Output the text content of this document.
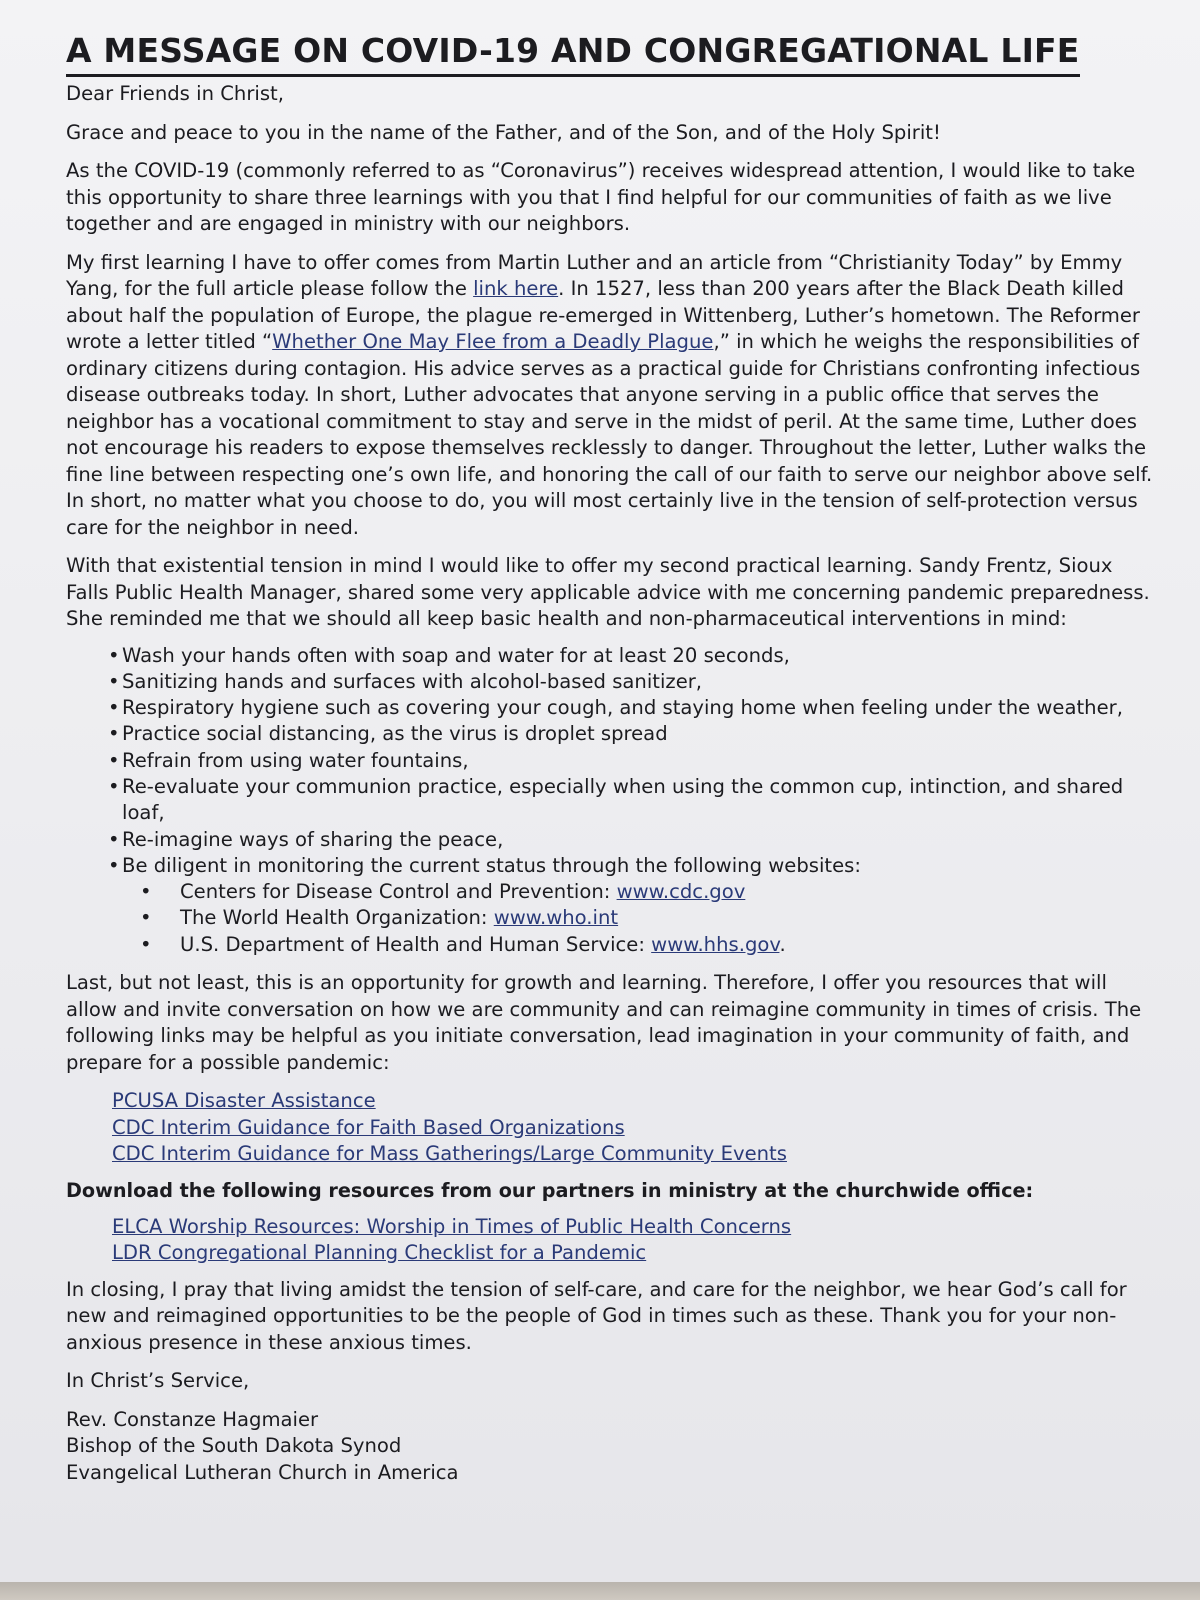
A MESSAGE ON COVID-19 AND CONGREGATIONAL LIFE

Dear Friends in Christ,

Grace and peace to you in the name of the Father, and of the Son, and of the Holy Spirit!

As the COVID-19 (commonly referred to as “Coronavirus”) receives widespread attention, I would like to take this opportunity to share three learnings with you that I find helpful for our communities of faith as we live together and are engaged in ministry with our neighbors.

My first learning I have to offer comes from Martin Luther and an article from “Christianity Today” by Emmy Yang, for the full article please follow the link here. In 1527, less than 200 years after the Black Death killed about half the population of Europe, the plague re-emerged in Wittenberg, Luther’s hometown. The Reformer wrote a letter titled “Whether One May Flee from a Deadly Plague,” in which he weighs the responsibilities of ordinary citizens during contagion. His advice serves as a practical guide for Christians confronting infectious disease outbreaks today. In short, Luther advocates that anyone serving in a public office that serves the neighbor has a vocational commitment to stay and serve in the midst of peril. At the same time, Luther does not encourage his readers to expose themselves recklessly to danger. Throughout the letter, Luther walks the fine line between respecting one’s own life, and honoring the call of our faith to serve our neighbor above self. In short, no matter what you choose to do, you will most certainly live in the tension of self-protection versus care for the neighbor in need.

With that existential tension in mind I would like to offer my second practical learning. Sandy Frentz, Sioux Falls Public Health Manager, shared some very applicable advice with me concerning pandemic preparedness. She reminded me that we should all keep basic health and non-pharmaceutical interventions in mind:

• Wash your hands often with soap and water for at least 20 seconds,
• Sanitizing hands and surfaces with alcohol-based sanitizer,
• Respiratory hygiene such as covering your cough, and staying home when feeling under the weather,
• Practice social distancing, as the virus is droplet spread
• Refrain from using water fountains,
• Re-evaluate your communion practice, especially when using the common cup, intinction, and shared loaf,
• Re-imagine ways of sharing the peace,
• Be diligent in monitoring the current status through the following websites:
• Centers for Disease Control and Prevention: www.cdc.gov
• The World Health Organization: www.who.int
• U.S. Department of Health and Human Service: www.hhs.gov.

Last, but not least, this is an opportunity for growth and learning. Therefore, I offer you resources that will allow and invite conversation on how we are community and can reimagine community in times of crisis. The following links may be helpful as you initiate conversation, lead imagination in your community of faith, and prepare for a possible pandemic:

PCUSA Disaster Assistance
CDC Interim Guidance for Faith Based Organizations
CDC Interim Guidance for Mass Gatherings/Large Community Events

Download the following resources from our partners in ministry at the churchwide office:

ELCA Worship Resources: Worship in Times of Public Health Concerns
LDR Congregational Planning Checklist for a Pandemic

In closing, I pray that living amidst the tension of self-care, and care for the neighbor, we hear God’s call for new and reimagined opportunities to be the people of God in times such as these. Thank you for your non-anxious presence in these anxious times.

In Christ’s Service,

Rev. Constanze Hagmaier

Bishop of the South Dakota Synod

Evangelical Lutheran Church in America
